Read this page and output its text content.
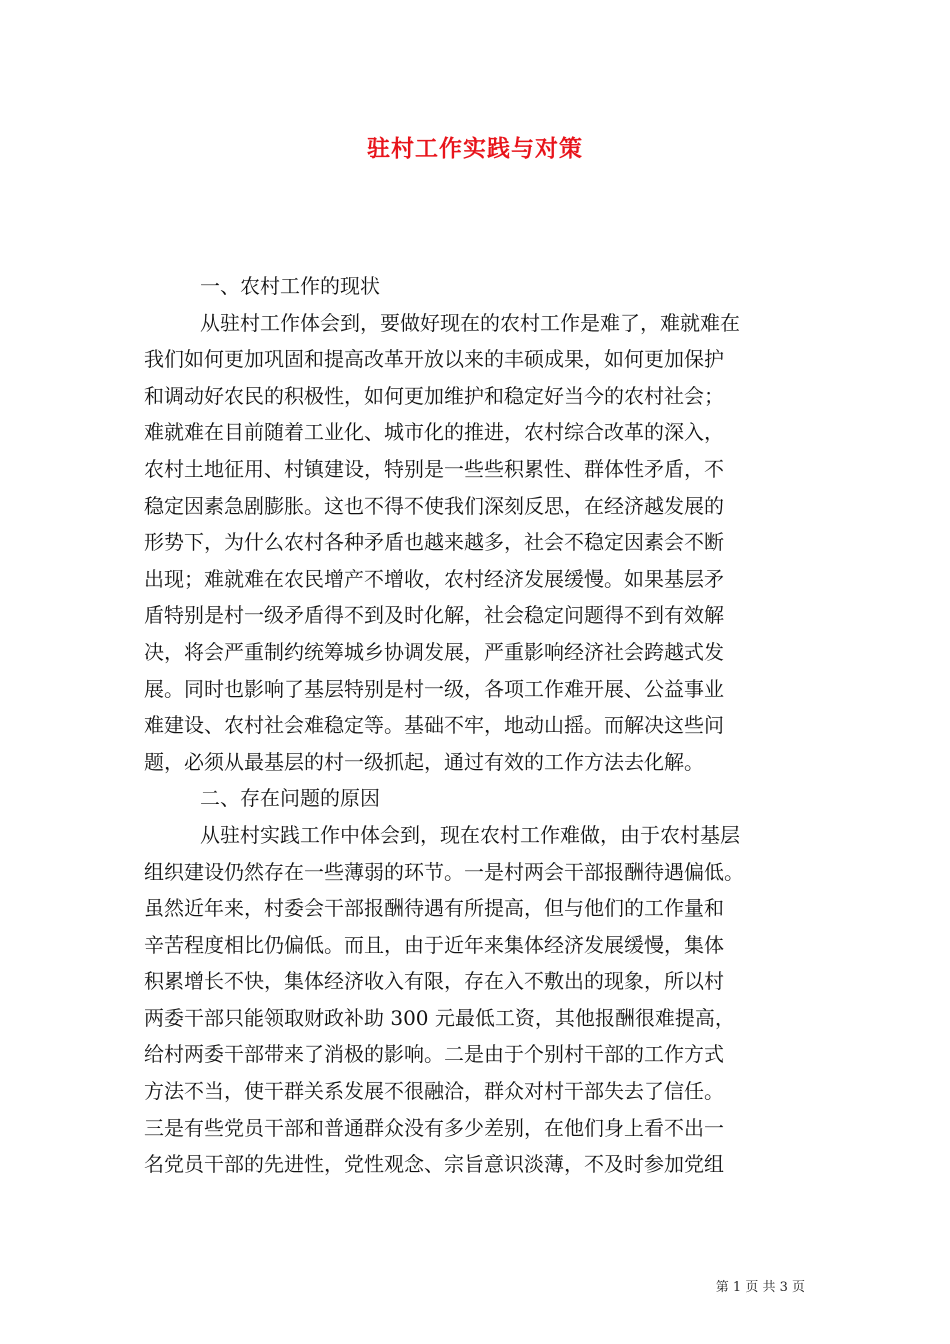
驻村工作实践与对策
一、农村工作的现状
从驻村工作体会到，要做好现在的农村工作是难了，难就难在
我们如何更加巩固和提高改革开放以来的丰硕成果，如何更加保护
和调动好农民的积极性，如何更加维护和稳定好当今的农村社会；
难就难在目前随着工业化、城市化的推进，农村综合改革的深入，
农村土地征用、村镇建设，特别是一些些积累性、群体性矛盾，不
稳定因素急剧膨胀。这也不得不使我们深刻反思，在经济越发展的
形势下，为什么农村各种矛盾也越来越多，社会不稳定因素会不断
出现；难就难在农民增产不增收，农村经济发展缓慢。如果基层矛
盾特别是村一级矛盾得不到及时化解，社会稳定问题得不到有效解
决，将会严重制约统筹城乡协调发展，严重影响经济社会跨越式发
展。同时也影响了基层特别是村一级，各项工作难开展、公益事业
难建设、农村社会难稳定等。基础不牢，地动山摇。而解决这些问
题，必须从最基层的村一级抓起，通过有效的工作方法去化解。
二、存在问题的原因
从驻村实践工作中体会到，现在农村工作难做，由于农村基层
组织建设仍然存在一些薄弱的环节。一是村两会干部报酬待遇偏低。
虽然近年来，村委会干部报酬待遇有所提高，但与他们的工作量和
辛苦程度相比仍偏低。而且，由于近年来集体经济发展缓慢，集体
积累增长不快，集体经济收入有限，存在入不敷出的现象，所以村
两委干部只能领取财政补助 300 元最低工资，其他报酬很难提高，
给村两委干部带来了消极的影响。二是由于个别村干部的工作方式
方法不当，使干群关系发展不很融洽，群众对村干部失去了信任。
三是有些党员干部和普通群众没有多少差别，在他们身上看不出一
名党员干部的先进性，党性观念、宗旨意识淡薄，不及时参加党组
第 1 页 共 3 页
